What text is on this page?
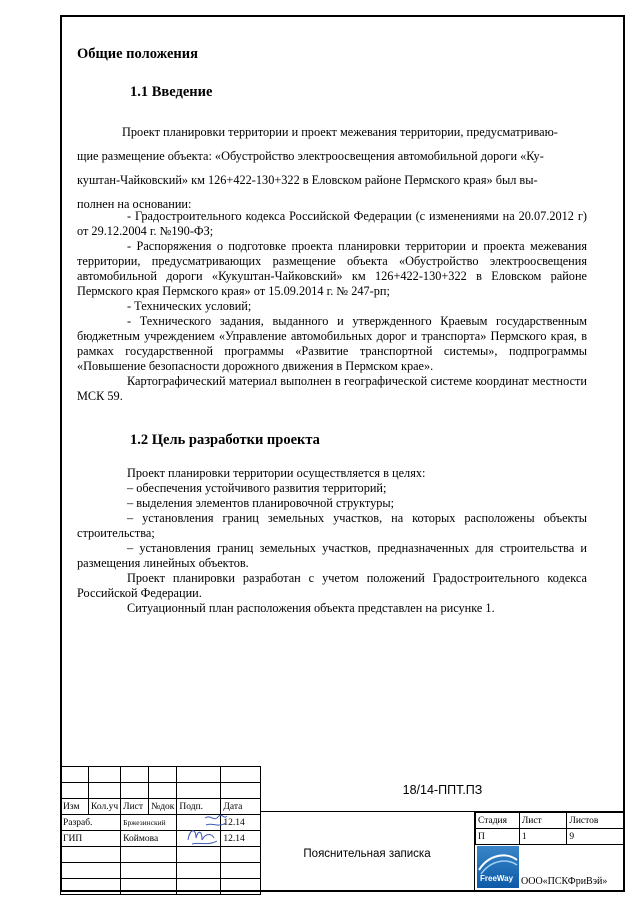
Общие положения
1.1 Введение

Проект планировки территории и проект межевания территории, предусматриваю-

щие размещение объекта: «Обустройство электроосвещения автомобильной дороги «Ку-

куштан-Чайковский» км 126+422-130+322 в Еловском районе Пермского края» был вы-

полнен на основании:

- Градостроительного кодекса Российской Федерации (с изменениями на 20.07.2012 г) от 29.12.2004 г. №190-ФЗ;

- Распоряжения о подготовке проекта планировки территории и проекта межевания территории, предусматривающих размещение объекта «Обустройство электроосвещения автомобильной дороги «Кукуштан-Чайковский» км 126+422-130+322 в Еловском районе Пермского края Пермского края» от 15.09.2014 г. № 247-рп;

- Технических условий;

- Технического задания, выданного и утвержденного Краевым государственным бюджетным учреждением «Управление автомобильных дорог и транспорта» Пермского края, в рамках государственной программы «Развитие транспортной системы», подпрограммы «Повышение безопасности дорожного движения в Пермском крае».

Картографический материал выполнен в географической системе координат местности МСК 59.

1.2 Цель разработки проекта

Проект планировки территории осуществляется в целях:

– обеспечения устойчивого развития территорий;

– выделения элементов планировочной структуры;

– установления границ земельных участков, на которых расположены объекты строительства;

– установления границ земельных участков, предназначенных для строительства и размещения линейных объектов.

Проект планировки разработан с учетом положений Градостроительного кодекса Российской Федерации.

Ситуационный план расположения объекта представлен на рисунке 1.

Изм	Кол.уч	Лист	№док	Подп.	Дата
Разраб.		Бржезинский			12.14
ГИП		Коймова			12.14

18/14-ППТ.ПЗ
Пояснительная записка
Стадия	Лист	Листов
П	1	9
FreeWay ООО«ПСКФриВэй»
